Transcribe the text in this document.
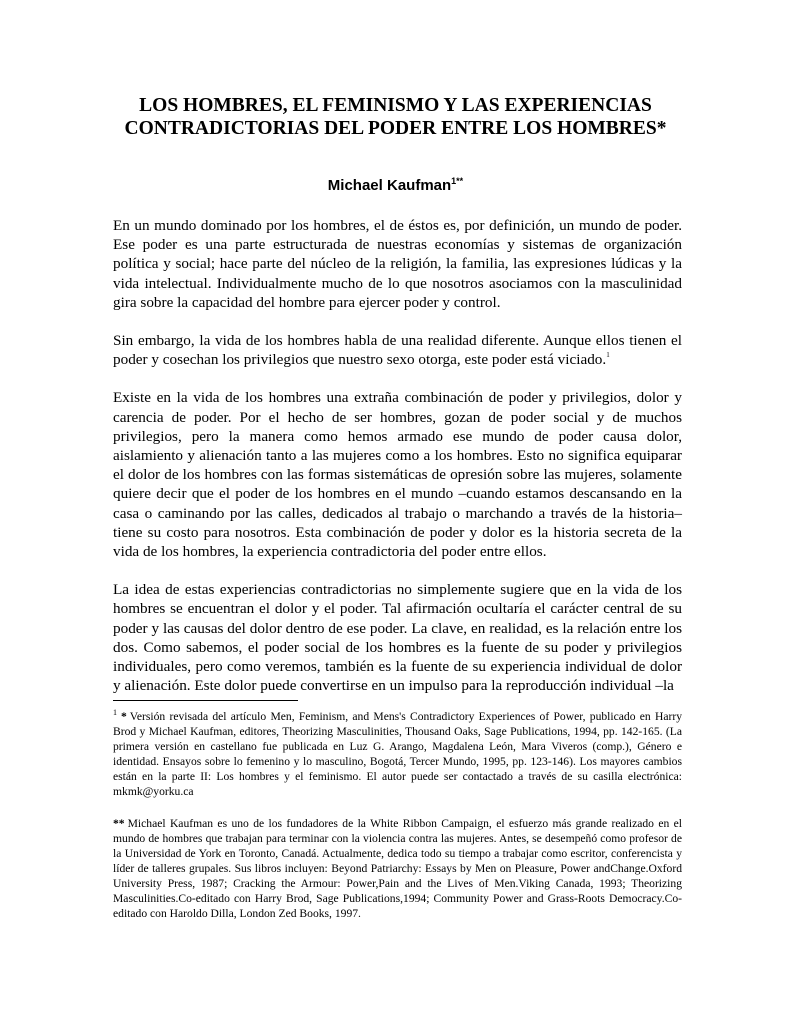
LOS HOMBRES, EL FEMINISMO Y LAS EXPERIENCIAS CONTRADICTORIAS DEL PODER ENTRE LOS HOMBRES*
Michael Kaufman$^{1**}$

En un mundo dominado por los hombres, el de éstos es, por definición, un mundo de poder. Ese poder es una parte estructurada de nuestras economías y sistemas de organización política y social; hace parte del núcleo de la religión, la familia, las expresiones lúdicas y la vida intelectual. Individualmente mucho de lo que nosotros asociamos con la masculinidad gira sobre la capacidad del hombre para ejercer poder y control.

Sin embargo, la vida de los hombres habla de una realidad diferente. Aunque ellos tienen el poder y cosechan los privilegios que nuestro sexo otorga, este poder está viciado.$^1$

Existe en la vida de los hombres una extraña combinación de poder y privilegios, dolor y carencia de poder. Por el hecho de ser hombres, gozan de poder social y de muchos privilegios, pero la manera como hemos armado ese mundo de poder causa dolor, aislamiento y alienación tanto a las mujeres como a los hombres. Esto no significa equiparar el dolor de los hombres con las formas sistemáticas de opresión sobre las mujeres, solamente quiere decir que el poder de los hombres en el mundo –cuando estamos descansando en la casa o caminando por las calles, dedicados al trabajo o marchando a través de la historia– tiene su costo para nosotros. Esta combinación de poder y dolor es la historia secreta de la vida de los hombres, la experiencia contradictoria del poder entre ellos.

La idea de estas experiencias contradictorias no simplemente sugiere que en la vida de los hombres se encuentran el dolor y el poder. Tal afirmación ocultaría el carácter central de su poder y las causas del dolor dentro de ese poder. La clave, en realidad, es la relación entre los dos. Como sabemos, el poder social de los hombres es la fuente de su poder y privilegios individuales, pero como veremos, también es la fuente de su experiencia individual de dolor y alienación. Este dolor puede convertirse en un impulso para la reproducción individual –la

$^1$ * Versión revisada del artículo Men, Feminism, and Mens's Contradictory Experiences of Power, publicado en Harry Brod y Michael Kaufman, editores, Theorizing Masculinities, Thousand Oaks, Sage Publications, 1994, pp. 142-165. (La primera versión en castellano fue publicada en Luz G. Arango, Magdalena León, Mara Viveros (comp.), Género e identidad. Ensayos sobre lo femenino y lo masculino, Bogotá, Tercer Mundo, 1995, pp. 123-146). Los mayores cambios están en la parte II: Los hombres y el feminismo. El autor puede ser contactado a través de su casilla electrónica: mkmk@yorku.ca

** Michael Kaufman es uno de los fundadores de la White Ribbon Campaign, el esfuerzo más grande realizado en el mundo de hombres que trabajan para terminar con la violencia contra las mujeres. Antes, se desempeñó como profesor de la Universidad de York en Toronto, Canadá. Actualmente, dedica todo su tiempo a trabajar como escritor, conferencista y líder de talleres grupales. Sus libros incluyen: Beyond Patriarchy: Essays by Men on Pleasure, Power andChange.Oxford University Press, 1987; Cracking the Armour: Power,Pain and the Lives of Men.Viking Canada, 1993; Theorizing Masculinities.Co-editado con Harry Brod, Sage Publications,1994; Community Power and Grass-Roots Democracy.Co-editado con Haroldo Dilla, London Zed Books, 1997.
